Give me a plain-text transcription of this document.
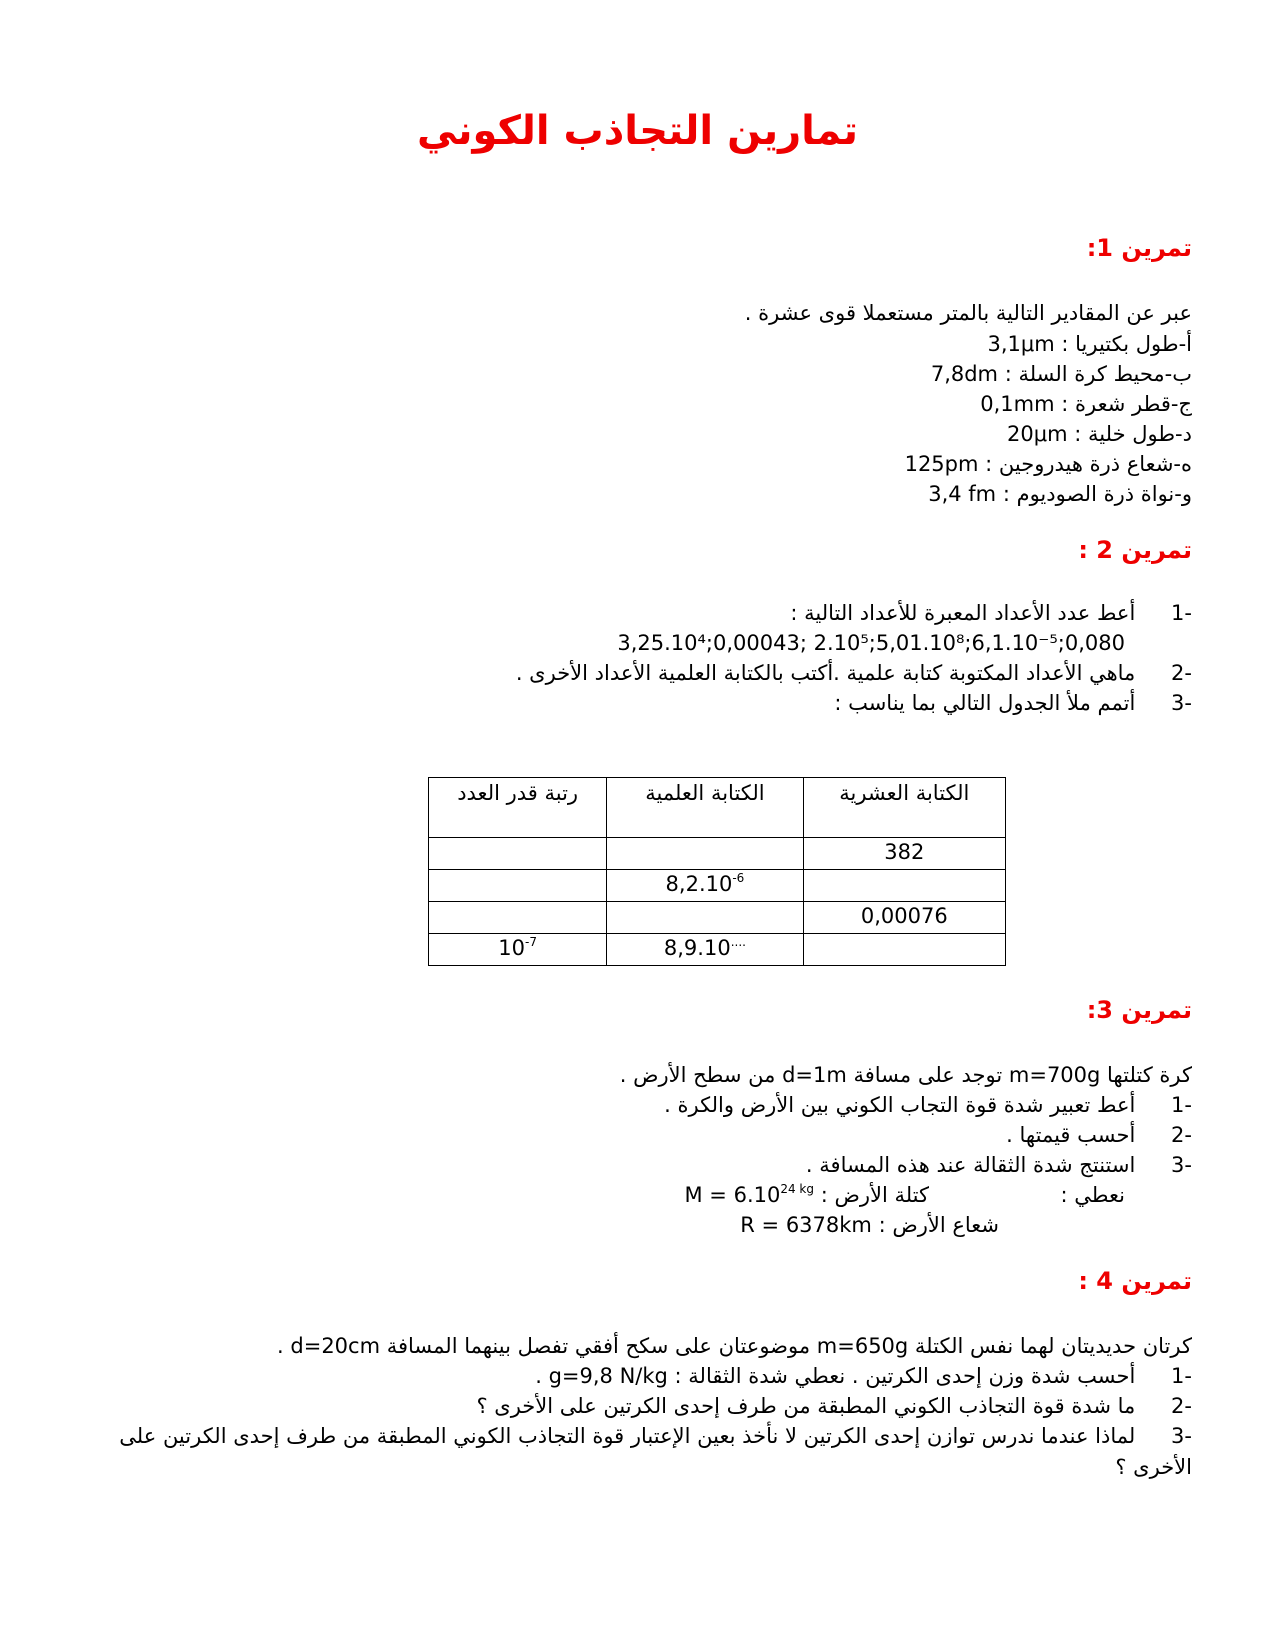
تمارين التجاذب الكوني
تمرين 1:
عبر عن المقادير التالية بالمتر مستعملا قوى عشرة .
أ-طول بكتيريا : 3,1μm
ب-محيط كرة السلة : 7,8dm
ج-قطر شعرة : 0,1mm
د-طول خلية : 20μm
ه-شعاع ذرة هيدروجين : 125pm
و-نواة ذرة الصوديوم : 3,4 fm
تمرين 2 :
-1 أعط عدد الأعداد المعبرة للأعداد التالية :
3,25.10⁴;0,00043; 2.10⁵;5,01.10⁸;6,1.10⁻⁵;0,080
-2 ماهي الأعداد المكتوبة كتابة علمية .أكتب بالكتابة العلمية الأعداد الأخرى .
-3 أتمم ملأ الجدول التالي بما يناسب :
الكتابة العشرية	الكتابة العلمية	رتبة قدر العدد
382		
	$8,2.10^{-6}$	
0,00076		
	8,9.10....	$10^{-7}$
تمرين 3:
كرة كتلتها m=700g توجد على مسافة d=1m من سطح الأرض .
-1 أعط تعبير شدة قوة التجاب الكوني بين الأرض والكرة .
-2 أحسب قيمتها .
-3 استنتج شدة الثقالة عند هذه المسافة .
نعطي :
كتلة الأرض : $M = 6.10^{24 kg}$
شعاع الأرض : R = 6378km
تمرين 4 :
كرتان حديديتان لهما نفس الكتلة m=650g موضوعتان على سكح أفقي تفصل بينهما المسافة d=20cm .
-1 أحسب شدة وزن إحدى الكرتين . نعطي شدة الثقالة : g=9,8 N/kg .
-2 ما شدة قوة التجاذب الكوني المطبقة من طرف إحدى الكرتين على الأخرى ؟
-3 لماذا عندما ندرس توازن إحدى الكرتين لا نأخذ بعين الإعتبار قوة التجاذب الكوني المطبقة من طرف إحدى الكرتين على الأخرى ؟
